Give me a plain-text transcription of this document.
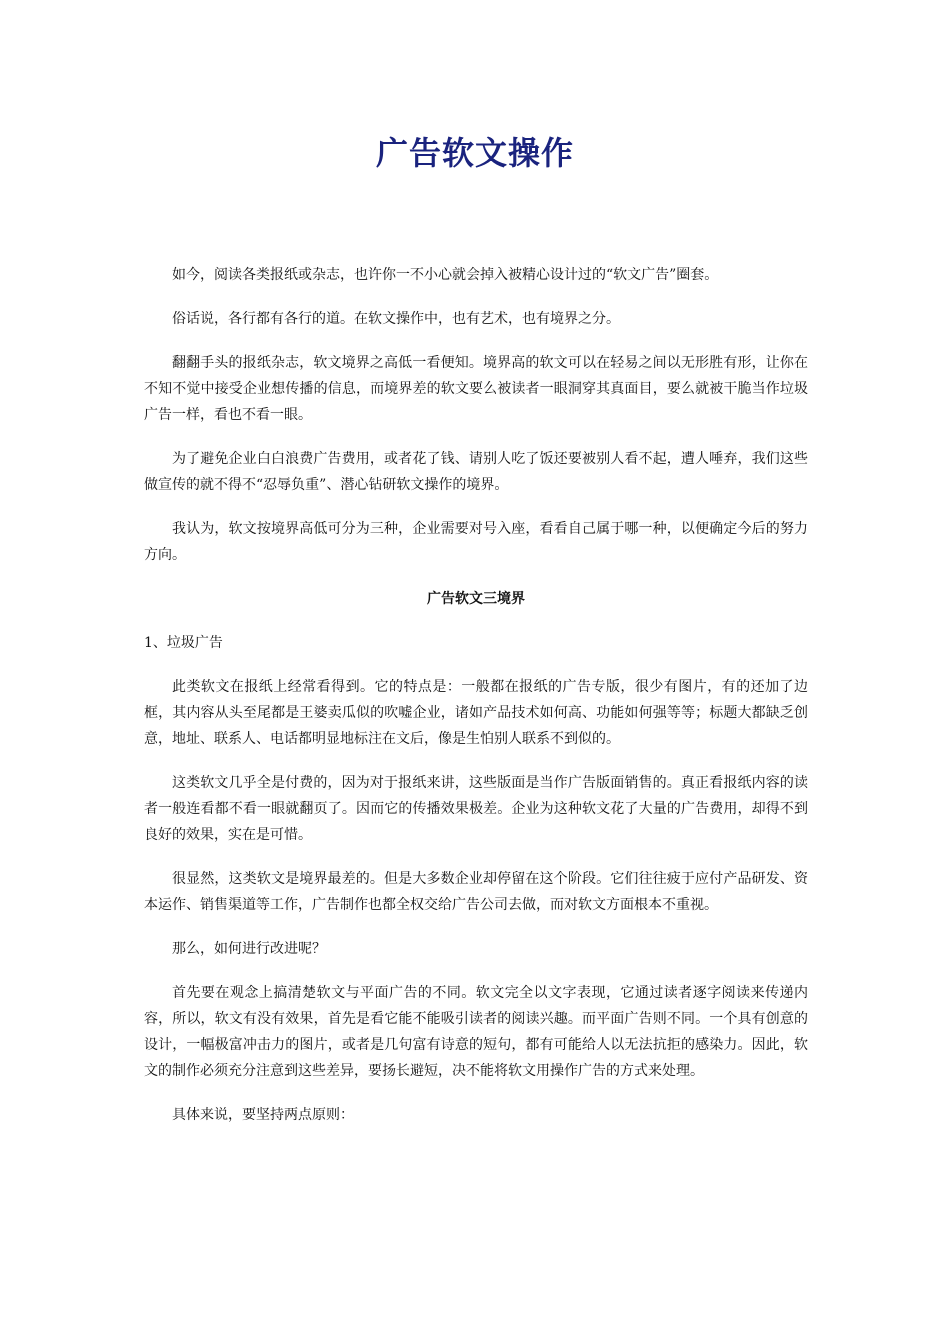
广告软文操作

如今，阅读各类报纸或杂志，也许你一不小心就会掉入被精心设计过的“软文广告”圈套。

俗话说，各行都有各行的道。在软文操作中，也有艺术，也有境界之分。

翻翻手头的报纸杂志，软文境界之高低一看便知。境界高的软文可以在轻易之间以无形胜有形，让你在不知不觉中接受企业想传播的信息，而境界差的软文要么被读者一眼洞穿其真面目，要么就被干脆当作垃圾广告一样，看也不看一眼。

为了避免企业白白浪费广告费用，或者花了钱、请别人吃了饭还要被别人看不起，遭人唾弃，我们这些做宣传的就不得不“忍辱负重”、潜心钻研软文操作的境界。

我认为，软文按境界高低可分为三种，企业需要对号入座，看看自己属于哪一种，以便确定今后的努力方向。

广告软文三境界
1、垃圾广告

此类软文在报纸上经常看得到。它的特点是：一般都在报纸的广告专版，很少有图片，有的还加了边框，其内容从头至尾都是王婆卖瓜似的吹嘘企业，诸如产品技术如何高、功能如何强等等；标题大都缺乏创意，地址、联系人、电话都明显地标注在文后，像是生怕别人联系不到似的。

这类软文几乎全是付费的，因为对于报纸来讲，这些版面是当作广告版面销售的。真正看报纸内容的读者一般连看都不看一眼就翻页了。因而它的传播效果极差。企业为这种软文花了大量的广告费用，却得不到良好的效果，实在是可惜。

很显然，这类软文是境界最差的。但是大多数企业却停留在这个阶段。它们往往疲于应付产品研发、资本运作、销售渠道等工作，广告制作也都全权交给广告公司去做，而对软文方面根本不重视。

那么，如何进行改进呢？

首先要在观念上搞清楚软文与平面广告的不同。软文完全以文字表现，它通过读者逐字阅读来传递内容，所以，软文有没有效果，首先是看它能不能吸引读者的阅读兴趣。而平面广告则不同。一个具有创意的设计，一幅极富冲击力的图片，或者是几句富有诗意的短句，都有可能给人以无法抗拒的感染力。因此，软文的制作必须充分注意到这些差异，要扬长避短，决不能将软文用操作广告的方式来处理。

具体来说，要坚持两点原则：
